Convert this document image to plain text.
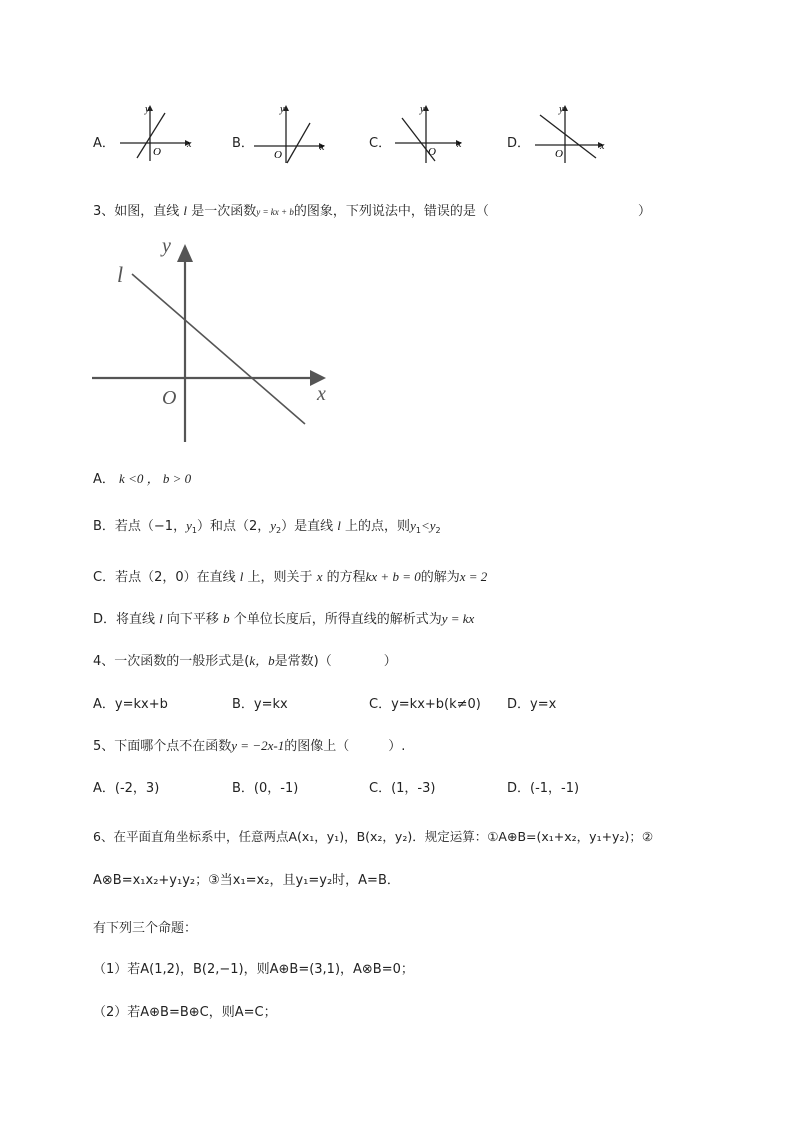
A．
y
x
O
B．
y
x
O
C．
y
x
O
D．
y
x
O
3、如图，直线 l 是一次函数y = kx + b的图象，下列说法中，错误的是（	）
y
x
O
l
A． k <0 ， b > 0
B．若点（−1，$y_1$）和点（2，$y_2$）是直线 l 上的点，则$y_1<y_2$
C．若点（2，0）在直线 l 上，则关于 x 的方程kx + b = 0的解为x = 2
D．将直线 l 向下平移 b 个单位长度后，所得直线的解析式为y = kx
4、一次函数的一般形式是(k，b是常数)（　　　　）
A．y=kx+b	B．y=kx	C．y=kx+b(k≠0) D．y=x
5、下面哪个点不在函数y = −2x-1的图像上（　　　）.
A．(-2，3)	B．(0，-1)	C．(1，-3)	D．(-1，-1)
6、在平面直角坐标系中，任意两点A(x₁，y₁)，B(x₂，y₂)．规定运算：①A⊕B=(x₁+x₂，y₁+y₂)；②
A⊗B=x₁x₂+y₁y₂；③当x₁=x₂，且y₁=y₂时，A=B．
有下列三个命题：
（1）若A(1,2)，B(2,−1)，则A⊕B=(3,1)，A⊗B=0；
（2）若A⊕B=B⊕C，则A=C；
